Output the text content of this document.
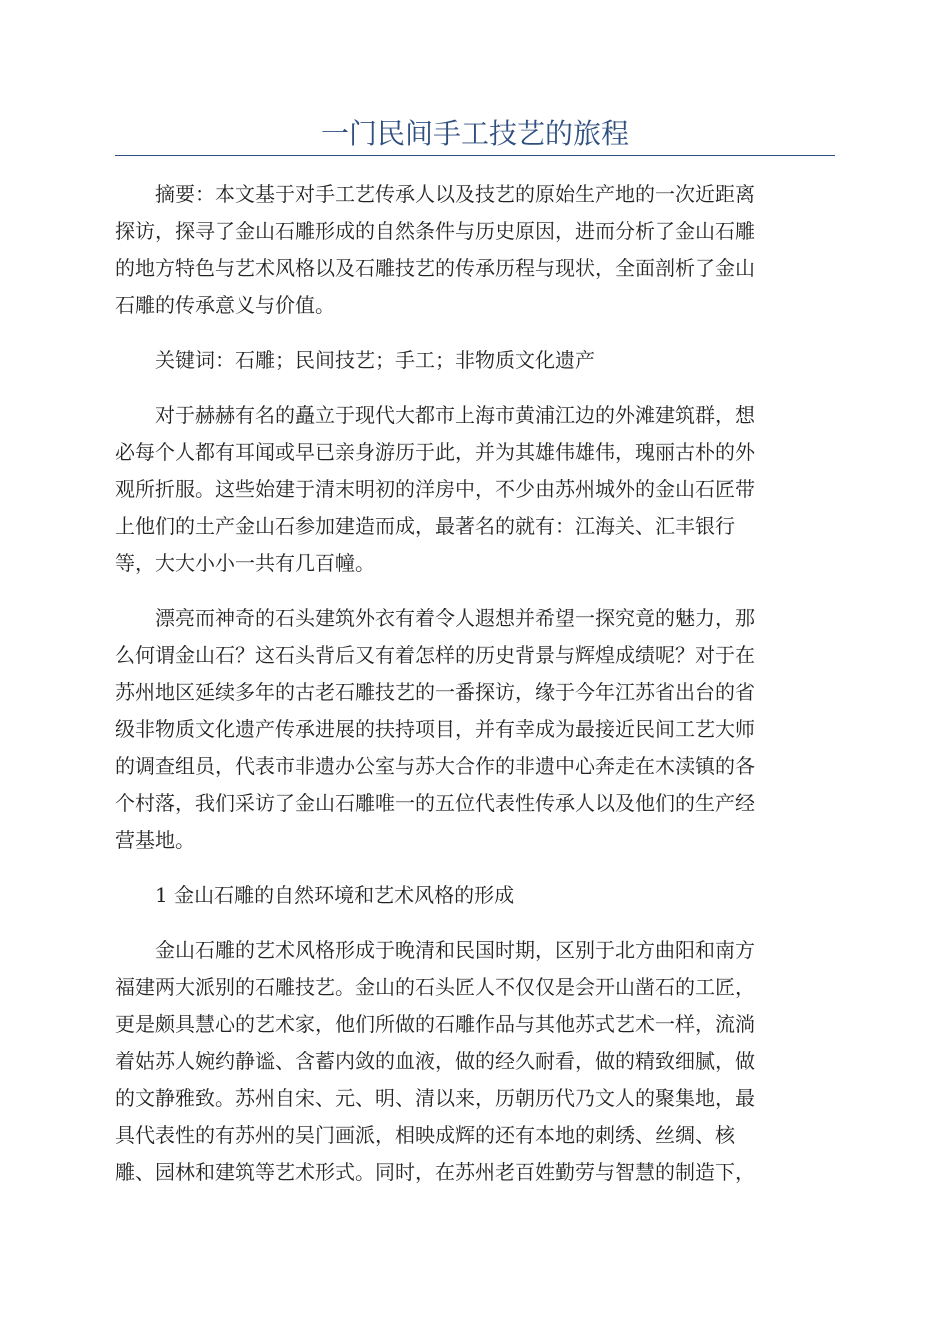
一门民间手工技艺的旅程

摘要：本文基于对手工艺传承人以及技艺的原始生产地的一次近距离
探访，探寻了金山石雕形成的自然条件与历史原因，进而分析了金山石雕
的地方特色与艺术风格以及石雕技艺的传承历程与现状，全面剖析了金山
石雕的传承意义与价值。

关键词：石雕；民间技艺；手工；非物质文化遗产

对于赫赫有名的矗立于现代大都市上海市黄浦江边的外滩建筑群，想
必每个人都有耳闻或早已亲身游历于此，并为其雄伟雄伟，瑰丽古朴的外
观所折服。这些始建于清末明初的洋房中，不少由苏州城外的金山石匠带
上他们的土产金山石参加建造而成，最著名的就有：江海关、汇丰银行
等，大大小小一共有几百幢。

漂亮而神奇的石头建筑外衣有着令人遐想并希望一探究竟的魅力，那
么何谓金山石？这石头背后又有着怎样的历史背景与辉煌成绩呢？对于在
苏州地区延续多年的古老石雕技艺的一番探访，缘于今年江苏省出台的省
级非物质文化遗产传承进展的扶持项目，并有幸成为最接近民间工艺大师
的调查组员，代表市非遗办公室与苏大合作的非遗中心奔走在木渎镇的各
个村落，我们采访了金山石雕唯一的五位代表性传承人以及他们的生产经
营基地。

1 金山石雕的自然环境和艺术风格的形成

金山石雕的艺术风格形成于晚清和民国时期，区别于北方曲阳和南方
福建两大派别的石雕技艺。金山的石头匠人不仅仅是会开山凿石的工匠，
更是颇具慧心的艺术家，他们所做的石雕作品与其他苏式艺术一样，流淌
着姑苏人婉约静谧、含蓄内敛的血液，做的经久耐看，做的精致细腻，做
的文静雅致。苏州自宋、元、明、清以来，历朝历代乃文人的聚集地，最
具代表性的有苏州的吴门画派，相映成辉的还有本地的刺绣、丝绸、核
雕、园林和建筑等艺术形式。同时，在苏州老百姓勤劳与智慧的制造下，
